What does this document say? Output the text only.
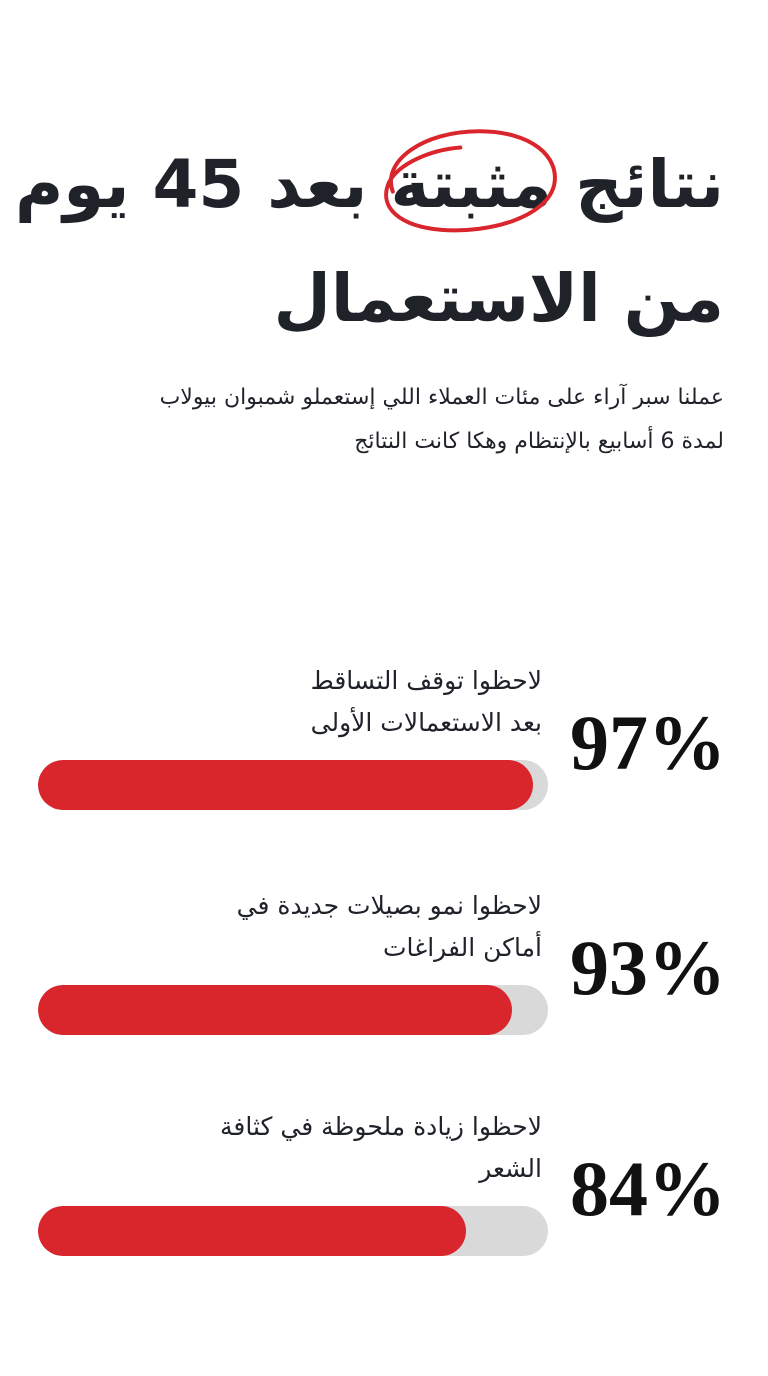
نتائج مثبتة
بعد 45 يوم
من الاستعمال
عملنا سبر آراء على مئات العملاء اللي إستعملو شمبوان بيولاب
لمدة 6 أسابيع بالإنتظام وهكا كانت النتائج
لاحظوا توقف التساقط
بعد الاستعمالات الأولى 97%
لاحظوا نمو بصيلات جديدة في
أماكن الفراغات 93%
لاحظوا زيادة ملحوظة في كثافة
الشعر 84%
